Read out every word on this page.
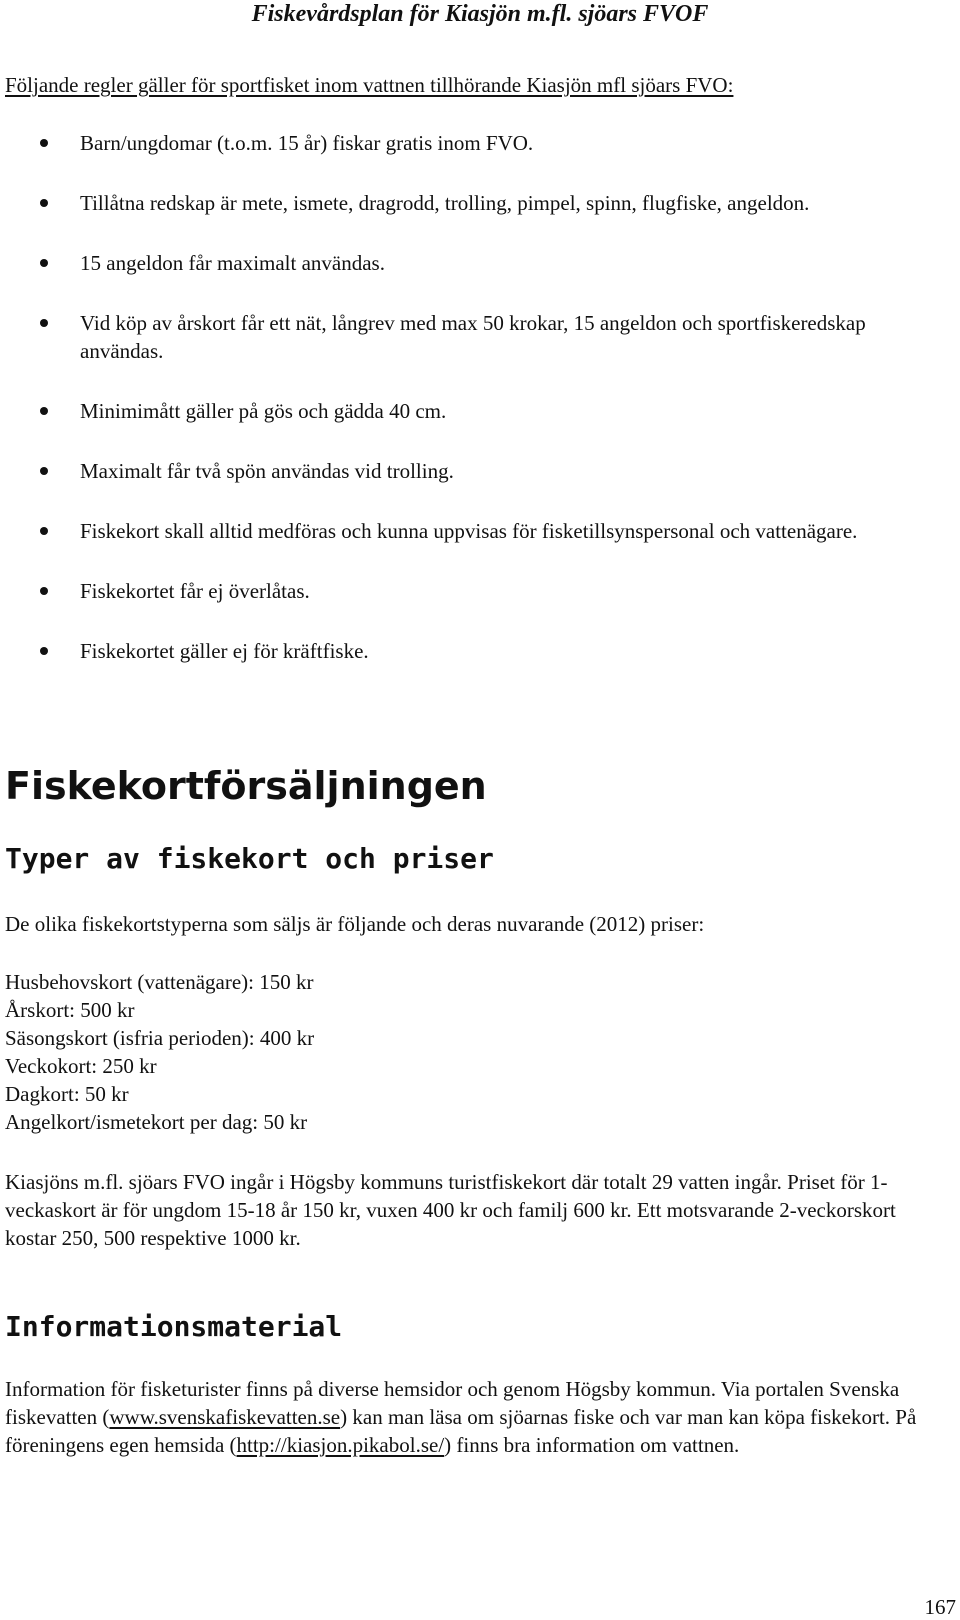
Fiskevårdsplan för Kiasjön m.fl. sjöars FVOF
Följande regler gäller för sportfisket inom vattnen tillhörande Kiasjön mfl sjöars FVO:
Barn/ungdomar (t.o.m. 15 år) fiskar gratis inom FVO.
Tillåtna redskap är mete, ismete, dragrodd, trolling, pimpel, spinn, flugfiske, angeldon.
15 angeldon får maximalt användas.
Vid köp av årskort får ett nät, långrev med max 50 krokar, 15 angeldon och sportfiskeredskap användas.
Minimimått gäller på gös och gädda 40 cm.
Maximalt får två spön användas vid trolling.
Fiskekort skall alltid medföras och kunna uppvisas för fisketillsynspersonal och vattenägare.
Fiskekortet får ej överlåtas.
Fiskekortet gäller ej för kräftfiske.
Fiskekortförsäljningen
Typer av fiskekort och priser

De olika fiskekortstyperna som säljs är följande och deras nuvarande (2012) priser:

Husbehovskort (vattenägare): 150 kr
Årskort: 500 kr
Säsongskort (isfria perioden): 400 kr
Veckokort: 250 kr
Dagkort: 50 kr
Angelkort/ismetekort per dag: 50 kr

Kiasjöns m.fl. sjöars FVO ingår i Högsby kommuns turistfiskekort där totalt 29 vatten ingår. Priset för 1-veckaskort är för ungdom 15-18 år 150 kr, vuxen 400 kr och familj 600 kr. Ett motsvarande 2-veckorskort kostar 250, 500 respektive 1000 kr.

Informationsmaterial

Information för fisketurister finns på diverse hemsidor och genom Högsby kommun. Via portalen Svenska fiskevatten (www.svenskafiskevatten.se) kan man läsa om sjöarnas fiske och var man kan köpa fiskekort. På föreningens egen hemsida (http://kiasjon.pikabol.se/) finns bra information om vattnen.

167
